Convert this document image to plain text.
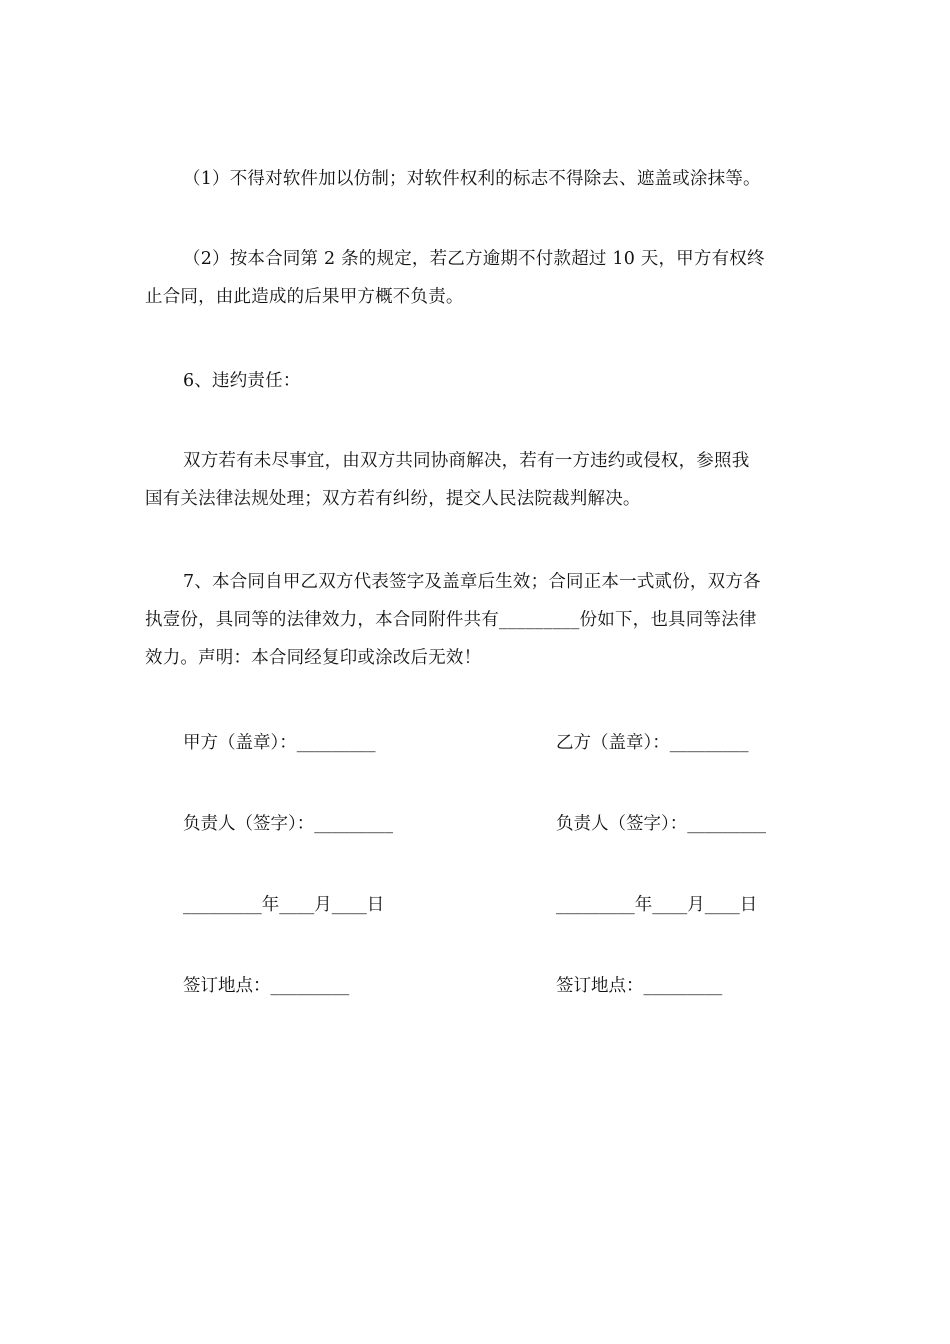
（1）不得对软件加以仿制；对软件权利的标志不得除去、遮盖或涂抹等。

（2）按本合同第 2 条的规定，若乙方逾期不付款超过 10 天，甲方有权终
止合同，由此造成的后果甲方概不负责。

6、违约责任：

双方若有未尽事宜，由双方共同协商解决，若有一方违约或侵权，参照我
国有关法律法规处理；双方若有纠纷，提交人民法院裁判解决。

7、本合同自甲乙双方代表签字及盖章后生效；合同正本一式贰份，双方各
执壹份，具同等的法律效力，本合同附件共有_________份如下，也具同等法律
效力。声明：本合同经复印或涂改后无效！

甲方（盖章）：_________	乙方（盖章）：_________
负责人（签字）：_________	负责人（签字）：_________
_________年____月____日	_________年____月____日
签订地点：_________	签订地点：_________
